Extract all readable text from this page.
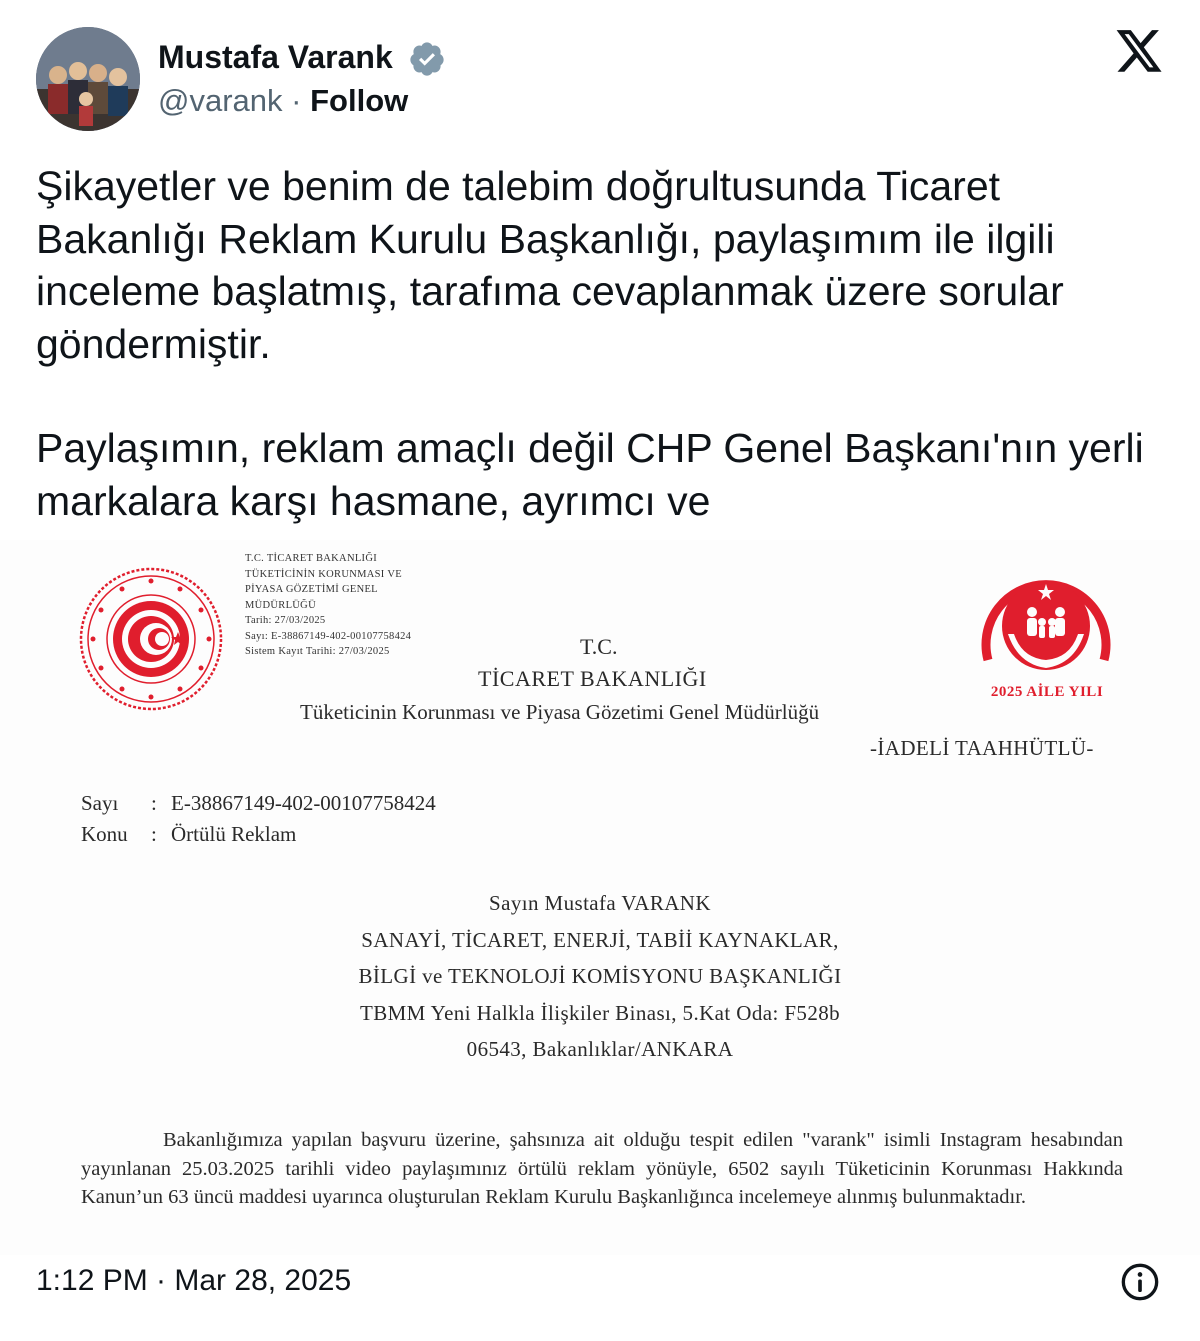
Mustafa Varank
@varank · Follow

Şikayetler ve benim de talebim doğrultusunda Ticaret Bakanlığı Reklam Kurulu Başkanlığı, paylaşımım ile ilgili inceleme başlatmış, tarafıma cevaplanmak üzere sorular göndermiştir.

Paylaşımın, reklam amaçlı değil CHP Genel Başkanı'nın yerli markalara karşı hasmane, ayrımcı ve

T.C. TİCARET BAKANLIĞI
TÜKETİCİNİN KORUNMASI VE
PİYASA GÖZETİMİ GENEL
MÜDÜRLÜĞÜ
Tarih: 27/03/2025
Sayı: E-38867149-402-00107758424
Sistem Kayıt Tarihi: 27/03/2025
2025 AİLE YILI
T.C.
TİCARET BAKANLIĞI
Tüketicinin Korunması ve Piyasa Gözetimi Genel Müdürlüğü
-İADELİ TAAHHÜTLÜ-
Sayı : E-38867149-402-00107758424
Konu : Örtülü Reklam
Sayın Mustafa VARANK
SANAYİ, TİCARET, ENERJİ, TABİİ KAYNAKLAR,
BİLGİ ve TEKNOLOJİ KOMİSYONU BAŞKANLIĞI
TBMM Yeni Halkla İlişkiler Binası, 5.Kat Oda: F528b
06543, Bakanlıklar/ANKARA
Bakanlığımıza yapılan başvuru üzerine, şahsınıza ait olduğu tespit edilen "varank" isimli Instagram hesabından yayınlanan 25.03.2025 tarihli video paylaşımınız örtülü reklam yönüyle, 6502 sayılı Tüketicinin Korunması Hakkında Kanun’un 63 üncü maddesi uyarınca oluşturulan Reklam Kurulu Başkanlığınca incelemeye alınmış bulunmaktadır.
1:12 PM · Mar 28, 2025
